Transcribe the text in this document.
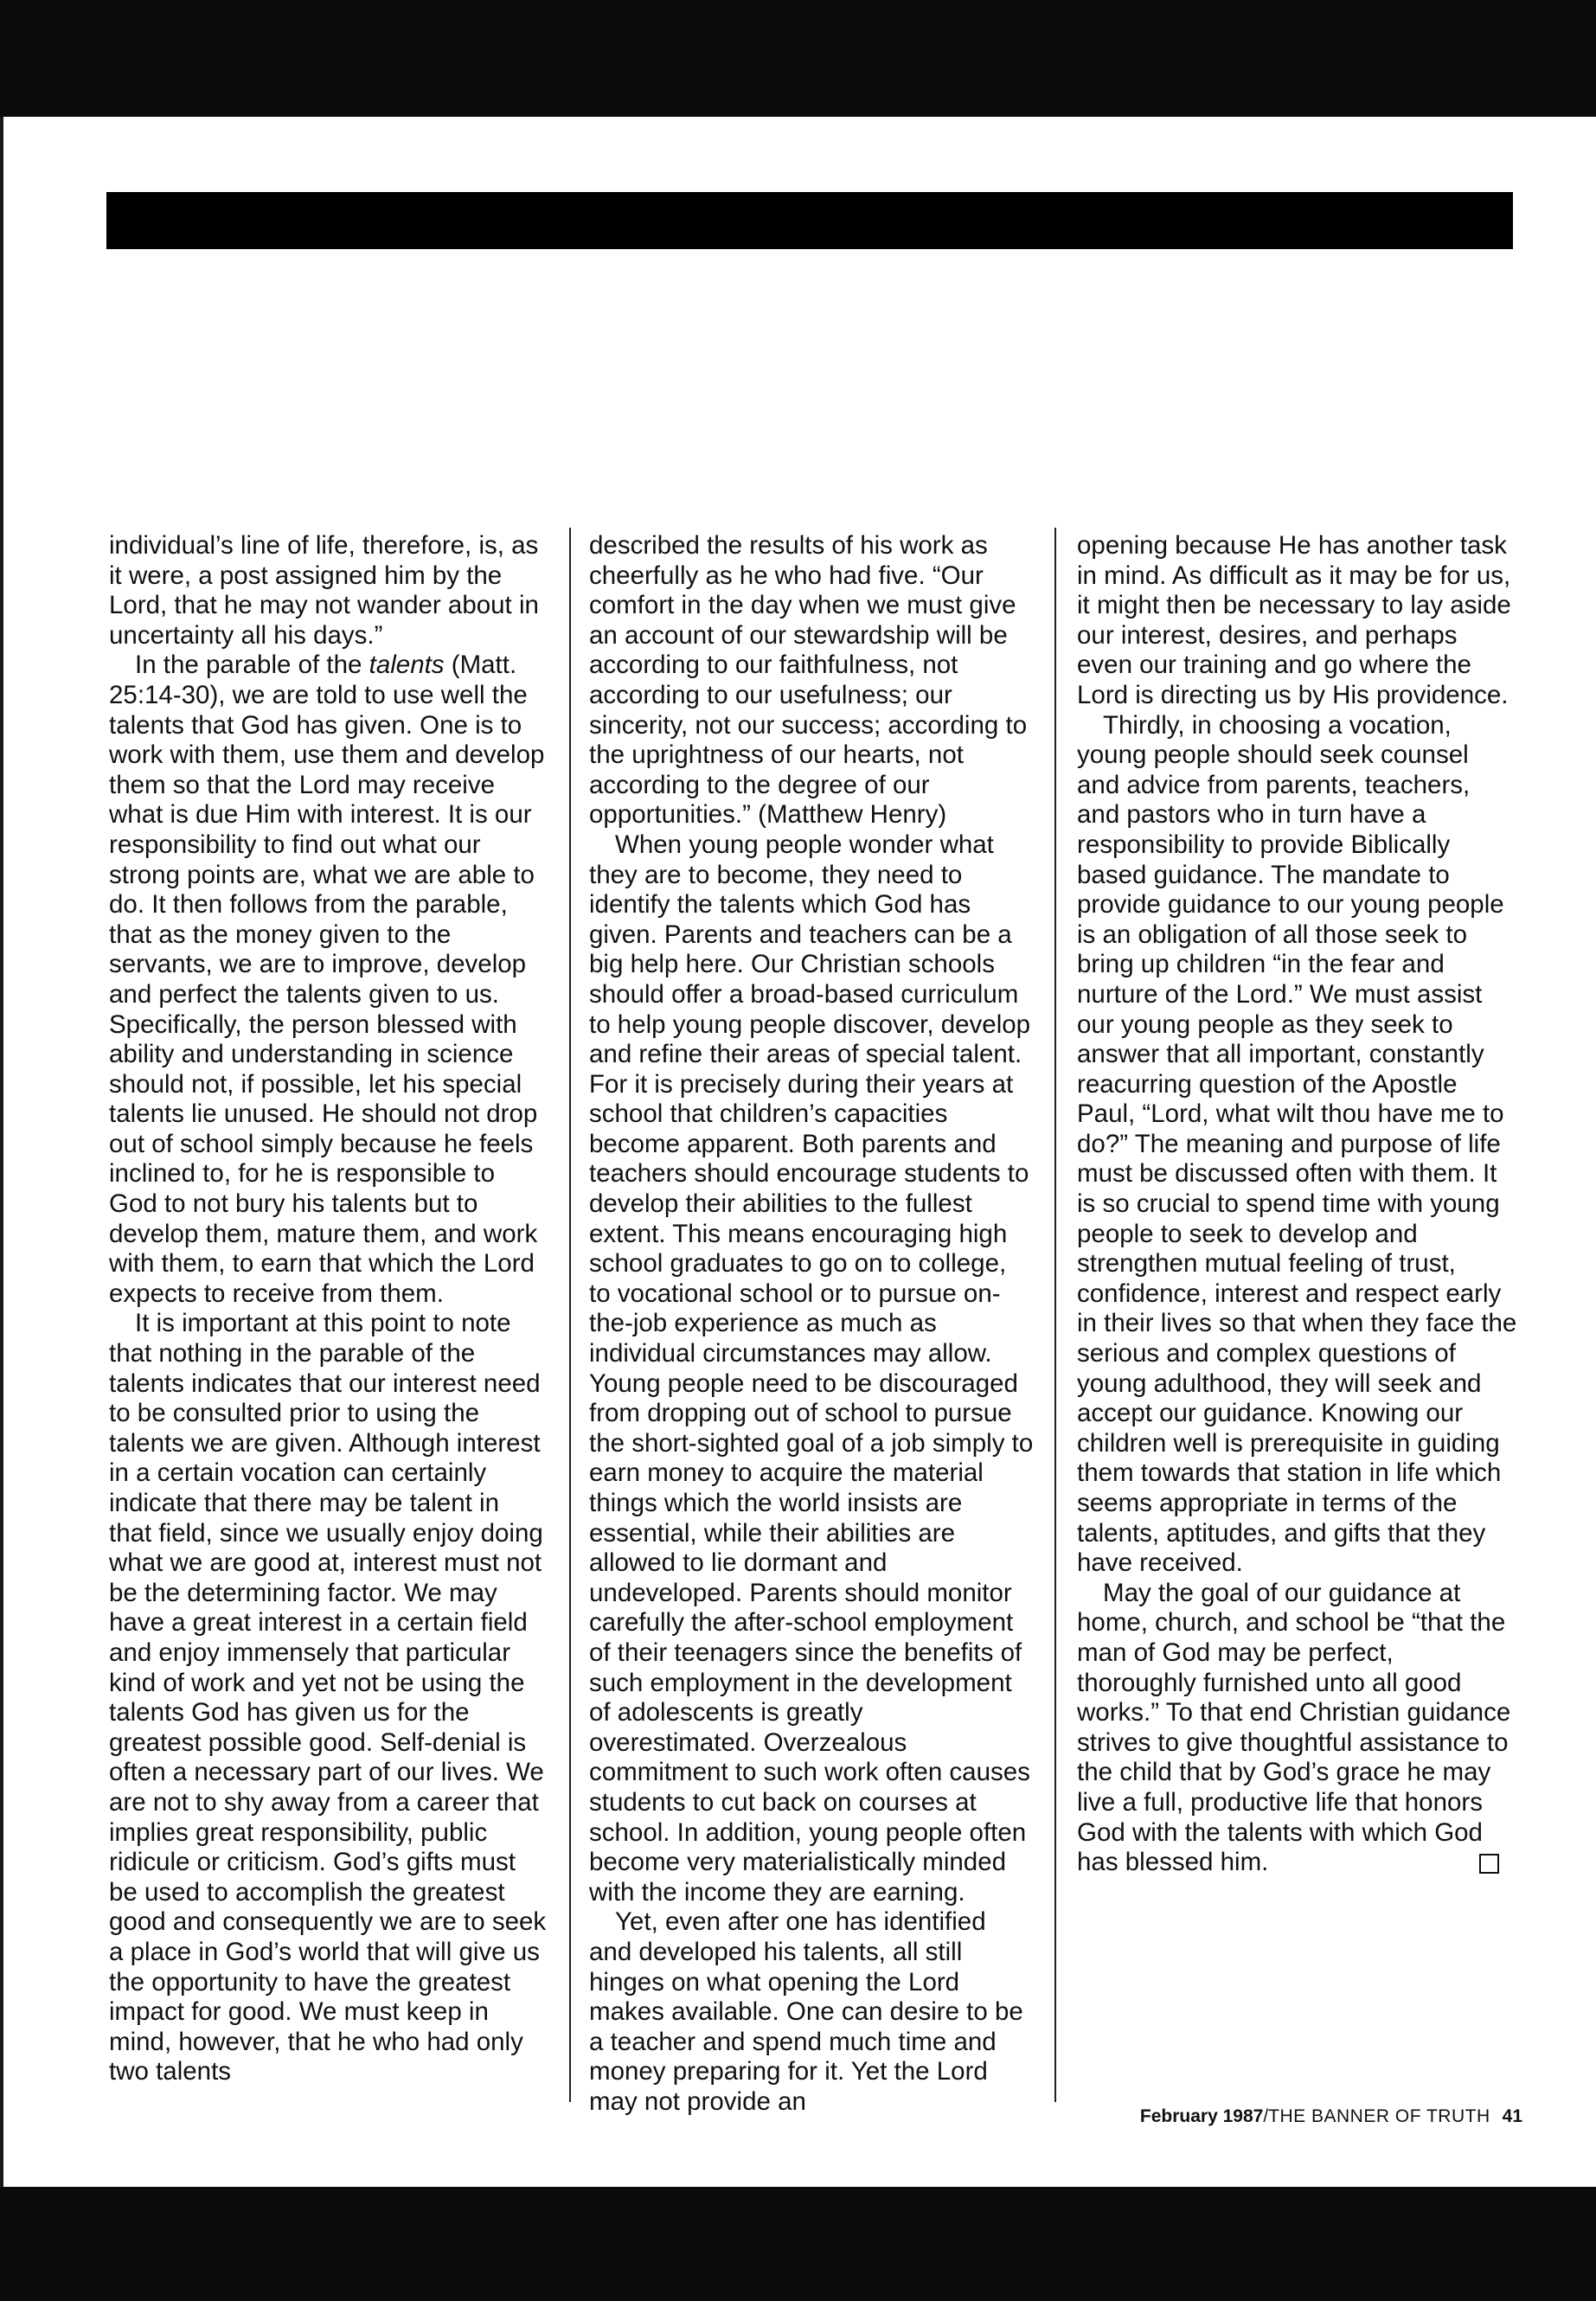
individual’s line of life, therefore, is, as it were, a post assigned him by the Lord, that he may not wander about in uncertainty all his days.”

In the parable of the talents (Matt. 25:14-30), we are told to use well the talents that God has given. One is to work with them, use them and develop them so that the Lord may receive what is due Him with interest. It is our responsibility to find out what our strong points are, what we are able to do. It then follows from the parable, that as the money given to the servants, we are to improve, develop and perfect the talents given to us. Specifically, the person blessed with ability and understanding in science should not, if possible, let his special talents lie unused. He should not drop out of school simply because he feels inclined to, for he is responsible to God to not bury his talents but to develop them, mature them, and work with them, to earn that which the Lord expects to receive from them.

It is important at this point to note that nothing in the parable of the talents indicates that our interest need to be consulted prior to using the talents we are given. Although interest in a certain vocation can certainly indicate that there may be talent in that field, since we usually enjoy doing what we are good at, interest must not be the determining factor. We may have a great interest in a certain field and enjoy immensely that particular kind of work and yet not be using the talents God has given us for the greatest possible good. Self-denial is often a necessary part of our lives. We are not to shy away from a career that implies great responsibility, public ridicule or criticism. God’s gifts must be used to accomplish the greatest good and consequently we are to seek a place in God’s world that will give us the opportunity to have the greatest impact for good. We must keep in mind, however, that he who had only two talents

described the results of his work as cheerfully as he who had five. “Our comfort in the day when we must give an account of our stewardship will be according to our faithfulness, not according to our usefulness; our sincerity, not our success; according to the uprightness of our hearts, not according to the degree of our opportunities.” (Matthew Henry)

When young people wonder what they are to become, they need to identify the talents which God has given. Parents and teachers can be a big help here. Our Christian schools should offer a broad-based curriculum to help young people discover, develop and refine their areas of special talent. For it is precisely during their years at school that children’s capacities become apparent. Both parents and teachers should encourage students to develop their abilities to the fullest extent. This means encouraging high school graduates to go on to college, to vocational school or to pursue on-the-job experience as much as individual circumstances may allow. Young people need to be discouraged from dropping out of school to pursue the short-sighted goal of a job simply to earn money to acquire the material things which the world insists are essential, while their abilities are allowed to lie dormant and undeveloped. Parents should monitor carefully the after-school employment of their teenagers since the benefits of such employment in the development of adolescents is greatly overestimated. Overzealous commitment to such work often causes students to cut back on courses at school. In addition, young people often become very materialistically minded with the income they are earning.

Yet, even after one has identified and developed his talents, all still hinges on what opening the Lord makes available. One can desire to be a teacher and spend much time and money preparing for it. Yet the Lord may not provide an

opening because He has another task in mind. As difficult as it may be for us, it might then be necessary to lay aside our interest, desires, and perhaps even our training and go where the Lord is directing us by His providence.

Thirdly, in choosing a vocation, young people should seek counsel and advice from parents, teachers, and pastors who in turn have a responsibility to provide Biblically based guidance. The mandate to provide guidance to our young people is an obligation of all those seek to bring up children “in the fear and nurture of the Lord.” We must assist our young people as they seek to answer that all important, constantly reacurring question of the Apostle Paul, “Lord, what wilt thou have me to do?” The meaning and purpose of life must be discussed often with them. It is so crucial to spend time with young people to seek to develop and strengthen mutual feeling of trust, confidence, interest and respect early in their lives so that when they face the serious and complex questions of young adulthood, they will seek and accept our guidance. Knowing our children well is prerequisite in guiding them towards that station in life which seems appropriate in terms of the talents, aptitudes, and gifts that they have received.

May the goal of our guidance at home, church, and school be “that the man of God may be perfect, thoroughly furnished unto all good works.” To that end Christian guidance strives to give thoughtful assistance to the child that by God’s grace he may live a full, productive life that honors God with the talents with which God has blessed him.

February 1987/THE BANNER OF TRUTH 41
